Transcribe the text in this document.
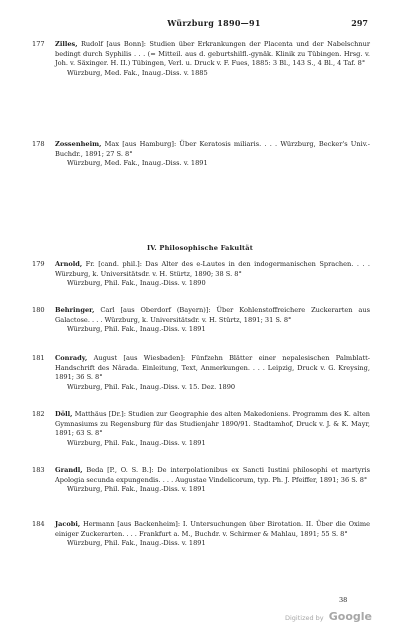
Würzburg 1890—91	297
177 Zilles, Rudolf [aus Bonn]: Studien über Erkrankungen der Placenta und der Nabelschnur bedingt durch Syphilis . . . (= Mitteil. aus d. geburtshilfl.-gynäk. Klinik zu Tübingen. Hrsg. v. Joh. v. Säxinger. H. II.) Tübingen, Verl. u. Druck v. F. Fues, 1885: 3 Bl., 143 S., 4 Bl., 4 Taf. 8°

Würzburg, Med. Fak., Inaug.-Diss. v. 1885

178 Zossenheim, Max [aus Hamburg]: Über Keratosis miliaris. . . . Würzburg, Becker's Univ.-Buchdr., 1891; 27 S. 8°

Würzburg, Med. Fak., Inaug.-Diss. v. 1891

IV. Philosophische Fakultät
179 Arnold, Fr. [cand. phil.]: Das Alter des e-Lautes in den indogermanischen Sprachen. . . . Würzburg, k. Universitätsdr. v. H. Stürtz, 1890; 38 S. 8°

Würzburg, Phil. Fak., Inaug.-Diss. v. 1890

180 Behringer, Carl [aus Oberdorf (Bayern)]: Über Kohlenstoffreichere Zuckerarten aus Galactose. . . . Würzburg, k. Universitätsdr. v. H. Stürtz, 1891; 31 S. 8°

Würzburg, Phil. Fak., Inaug.-Diss. v. 1891

181 Conrady, August [aus Wiesbaden]: Fünfzehn Blätter einer nepalesischen Palmblatt-Handschrift des Nârada. Einleitung, Text, Anmerkungen. . . . Leipzig, Druck v. G. Kreysing, 1891; 36 S. 8°

Würzburg, Phil. Fak., Inaug.-Diss. v. 15. Dez. 1890

182 Döll, Matthäus [Dr.]: Studien zur Geographie des alten Makedoniens. Programm des K. alten Gymnasiums zu Regensburg für das Studienjahr 1890/91. Stadtamhof, Druck v. J. & K. Mayr, 1891; 63 S. 8°

Würzburg, Phil. Fak., Inaug.-Diss. v. 1891

183 Grandl, Beda [P., O. S. B.]: De interpolationibus ex Sancti Iustini philosophi et martyris Apologia secunda expungendis. . . . Augustae Vindelicorum, typ. Ph. J. Pfeiffer, 1891; 36 S. 8°

Würzburg, Phil. Fak., Inaug.-Diss. v. 1891

184 Jacobi, Hermann [aus Backenheim]: I. Untersuchungen über Birotation. II. Über die Oxime einiger Zuckerarten. . . . Frankfurt a. M., Buchdr. v. Schirmer & Mahlau, 1891; 55 S. 8°

Würzburg, Phil. Fak., Inaug.-Diss. v. 1891

38
Digitized by Google
